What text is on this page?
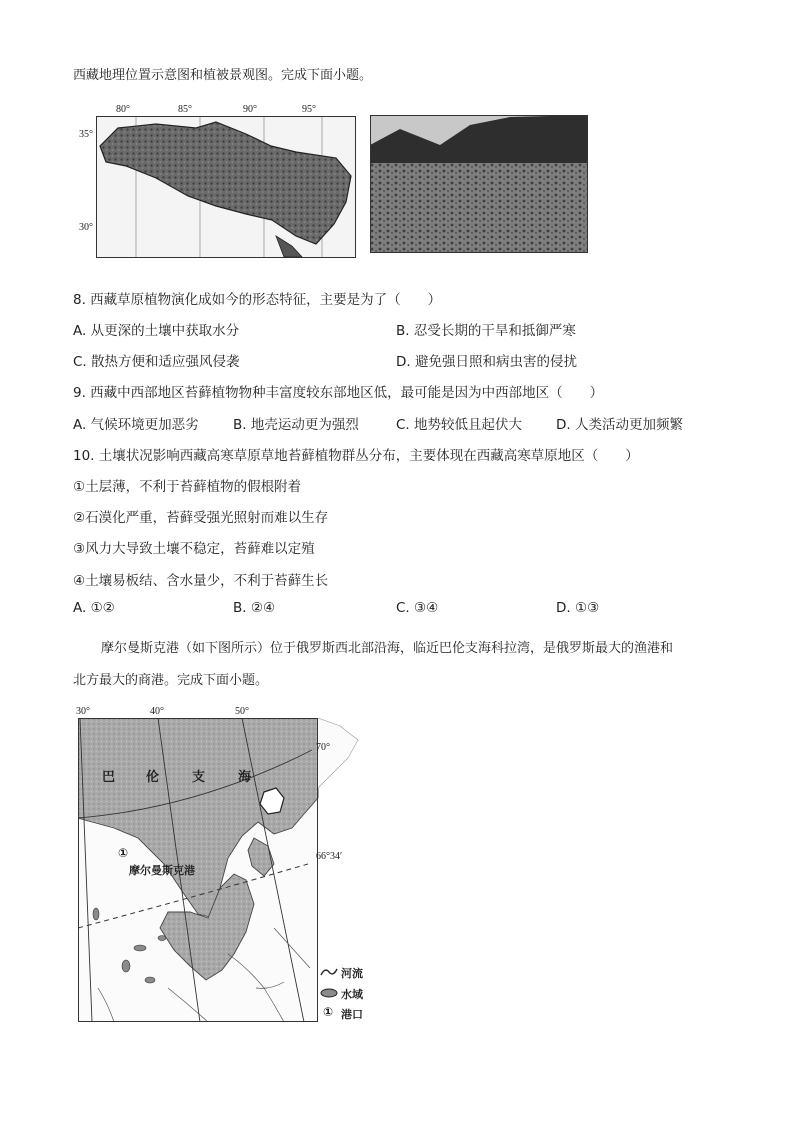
西藏地理位置示意图和植被景观图。完成下面小题。
80°	85°	90°	95°
35°
30°
8. 西藏草原植物演化成如今的形态特征，主要是为了（　　）
A. 从更深的土壤中获取水分	B. 忍受长期的干旱和抵御严寒
C. 散热方便和适应强风侵袭	D. 避免强日照和病虫害的侵扰
9. 西藏中西部地区苔藓植物物种丰富度较东部地区低，最可能是因为中西部地区（　　）
A. 气候环境更加恶劣	B. 地壳运动更为强烈	C. 地势较低且起伏大	D. 人类活动更加频繁
10. 土壤状况影响西藏高寒草原草地苔藓植物群丛分布，主要体现在西藏高寒草原地区（　　）
①土层薄，不利于苔藓植物的假根附着
②石漠化严重，苔藓受强光照射而难以生存
③风力大导致土壤不稳定，苔藓难以定殖
④土壤易板结、含水量少，不利于苔藓生长
A. ①②	B. ②④	C. ③④	D. ①③
摩尔曼斯克港（如下图所示）位于俄罗斯西北部沿海，临近巴伦支海科拉湾，是俄罗斯最大的渔港和
北方最大的商港。完成下面小题。
30°	40°	50°
巴 伦	支	海
70°
66°34′
①
摩尔曼斯克港
河流
水域
① 港口
